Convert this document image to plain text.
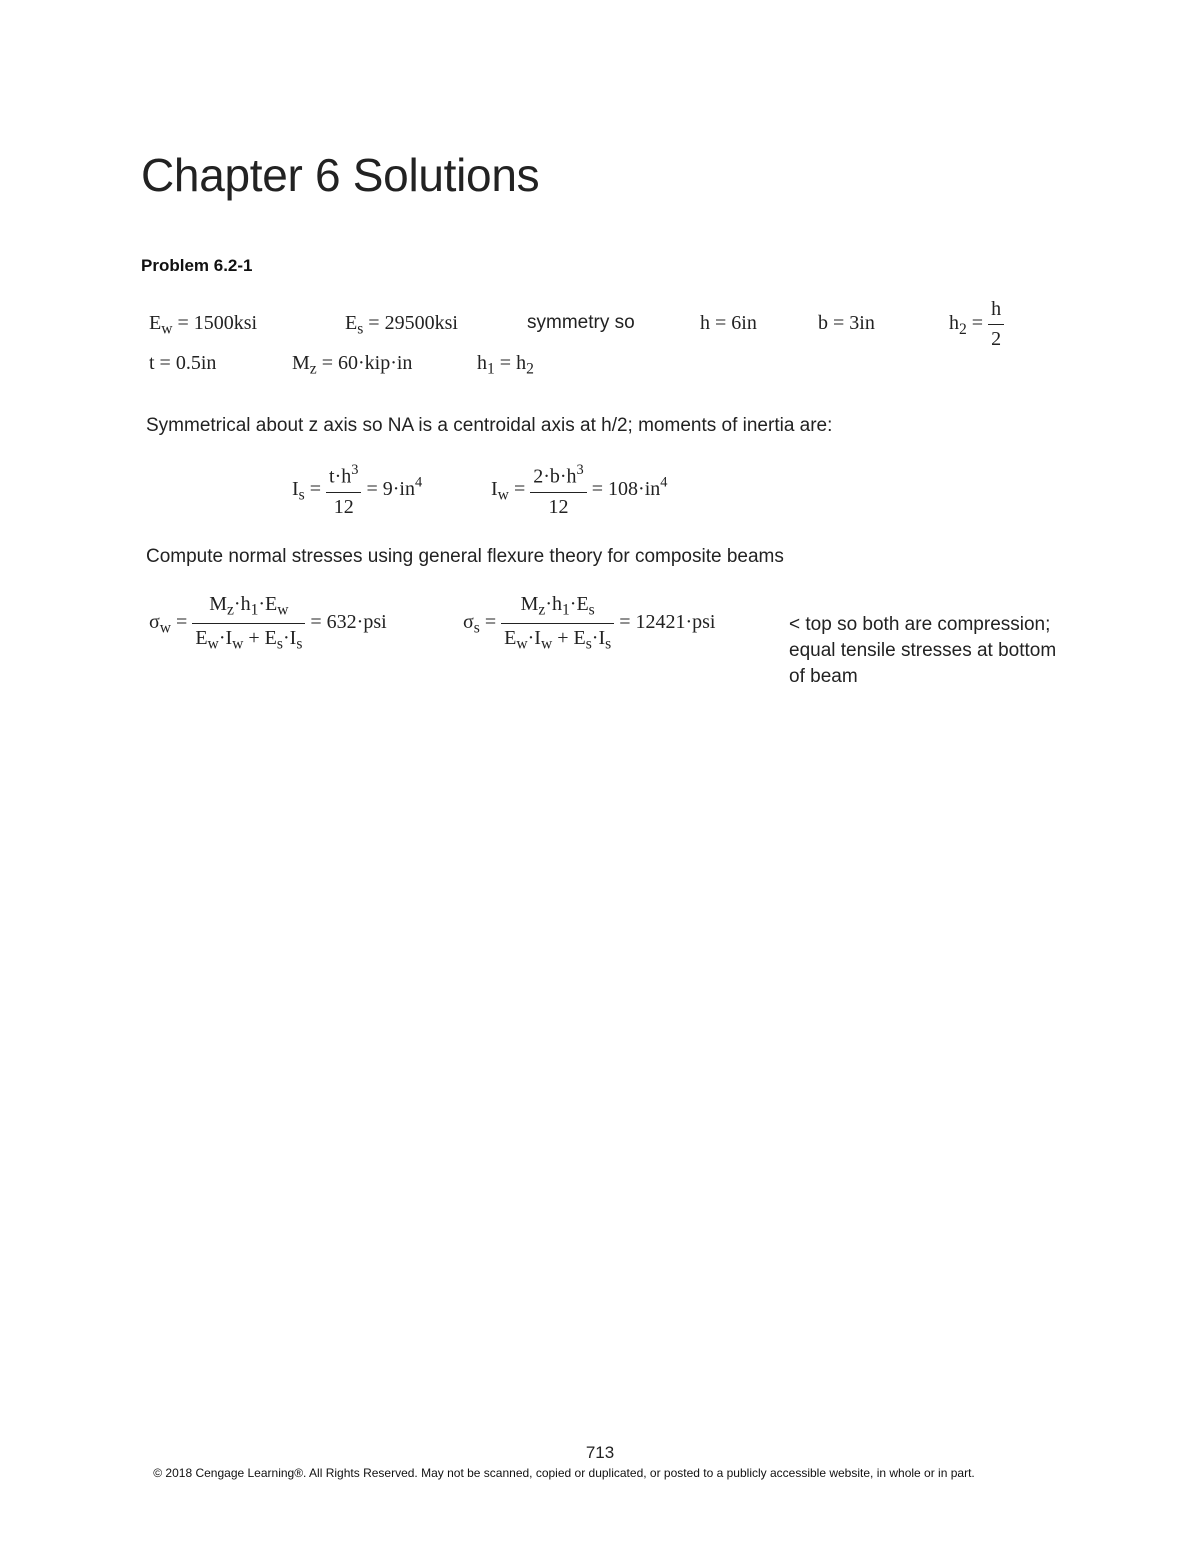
Chapter 6 Solutions
Problem 6.2-1
$E_w = 1500ksi$	$E_s = 29500ksi$	symmetry so	h = 6in	b = 3in	$h_2 = \frac{h}{2}$
t = 0.5in	$M_z = 60\cdot kip\cdot in$	$h_1 = h_2$
Symmetrical about z axis so NA is a centroidal axis at h/2; moments of inertia are:
$I_s = \frac{t\cdot h^3}{12} = 9\cdot in^4$	$I_w = \frac{2\cdot b\cdot h^3}{12} = 108\cdot in^4$
Compute normal stresses using general flexure theory for composite beams
$\sigma_w = \frac{M_z\cdot h_1\cdot E_w}{E_w\cdot I_w + E_s\cdot I_s} = 632\cdot psi$	$\sigma_s = \frac{M_z\cdot h_1\cdot E_s}{E_w\cdot I_w + E_s\cdot I_s} = 12421\cdot psi$	< top so both are compression; equal tensile stresses at bottom of beam
713
© 2018 Cengage Learning®. All Rights Reserved. May not be scanned, copied or duplicated, or posted to a publicly accessible website, in whole or in part.
